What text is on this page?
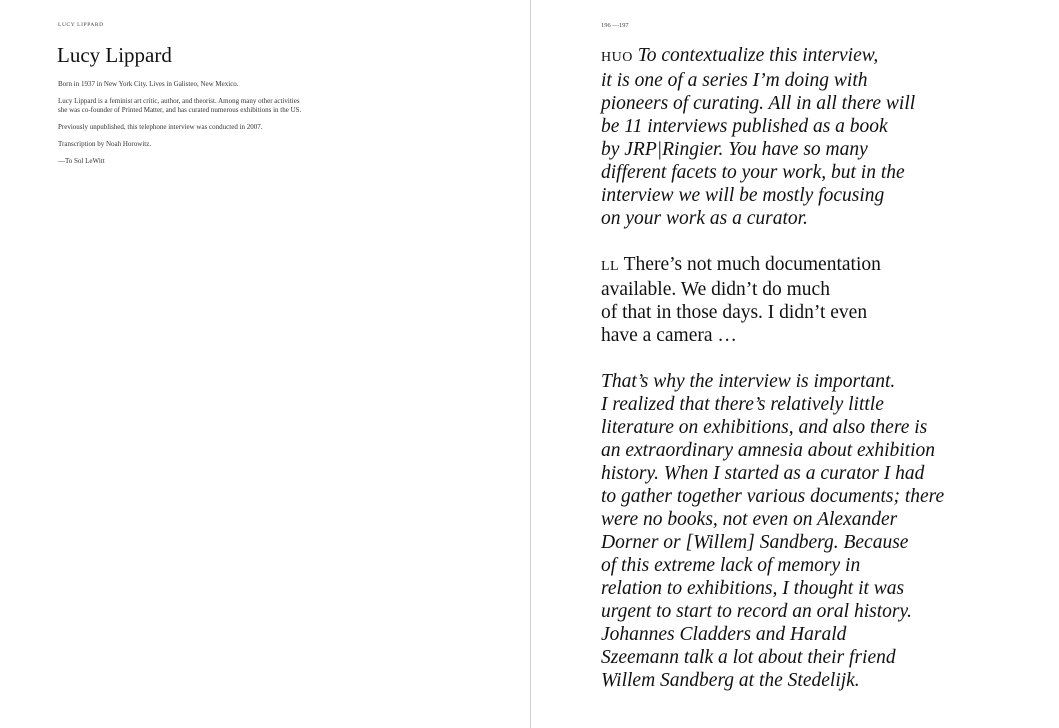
LUCY LIPPARD
Lucy Lippard

Born in 1937 in New York City. Lives in Galisteo, New Mexico.

Lucy Lippard is a feminist art critic, author, and theorist. Among many other activities
she was co-founder of Printed Matter, and has curated numerous exhibitions in the US.

Previously unpublished, this telephone interview was conducted in 2007.

Transcription by Noah Horowitz.

—To Sol LeWitt

196 —197

HUO To contextualize this interview,
it is one of a series I’m doing with
pioneers of curating. All in all there will
be 11 interviews published as a book
by JRP|Ringier. You have so many
different facets to your work, but in the
interview we will be mostly focusing
on your work as a curator.

LL There’s not much documentation
available. We didn’t do much
of that in those days. I didn’t even
have a camera …

That’s why the interview is important.
I realized that there’s relatively little
literature on exhibitions, and also there is
an extraordinary amnesia about exhibition
history. When I started as a curator I had
to gather together various documents; there
were no books, not even on Alexander
Dorner or [Willem] Sandberg. Because
of this extreme lack of memory in
relation to exhibitions, I thought it was
urgent to start to record an oral history.
Johannes Cladders and Harald
Szeemann talk a lot about their friend
Willem Sandberg at the Stedelijk.
